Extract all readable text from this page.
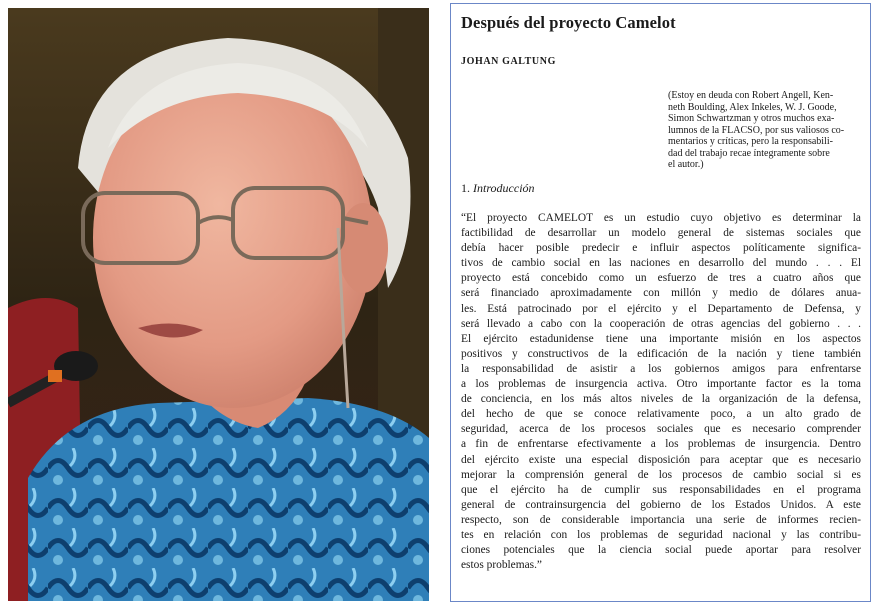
Después del proyecto Camelot
JOHAN GALTUNG
(Estoy en deuda con Robert Angell, Ken-
neth Boulding, Alex Inkeles, W. J. Goode,
Simon Schwartzman y otros muchos exa-
lumnos de la FLACSO, por sus valiosos co-
mentarios y críticas, pero la responsabili-
dad del trabajo recae íntegramente sobre
el autor.)
1. Introducción
“El proyecto CAMELOT es un estudio cuyo objetivo es determinar la
factibilidad de desarrollar un modelo general de sistemas sociales que
debía hacer posible predecir e influir aspectos políticamente significa-
tivos de cambio social en las naciones en desarrollo del mundo . . . El
proyecto está concebido como un esfuerzo de tres a cuatro años que
será financiado aproximadamente con millón y medio de dólares anua-
les. Está patrocinado por el ejército y el Departamento de Defensa, y
será llevado a cabo con la cooperación de otras agencias del gobierno . . .
El ejército estadunidense tiene una importante misión en los aspectos
positivos y constructivos de la edificación de la nación y tiene también
la responsabilidad de asistir a los gobiernos amigos para enfrentarse
a los problemas de insurgencia activa. Otro importante factor es la toma
de conciencia, en los más altos niveles de la organización de la defensa,
del hecho de que se conoce relativamente poco, a un alto grado de
seguridad, acerca de los procesos sociales que es necesario comprender
a fin de enfrentarse efectivamente a los problemas de insurgencia. Dentro
del ejército existe una especial disposición para aceptar que es necesario
mejorar la comprensión general de los procesos de cambio social si es
que el ejército ha de cumplir sus responsabilidades en el programa
general de contrainsurgencia del gobierno de los Estados Unidos. A este
respecto, son de considerable importancia una serie de informes recien-
tes en relación con los problemas de seguridad nacional y las contribu-
ciones potenciales que la ciencia social puede aportar para resolver
estos problemas.”
